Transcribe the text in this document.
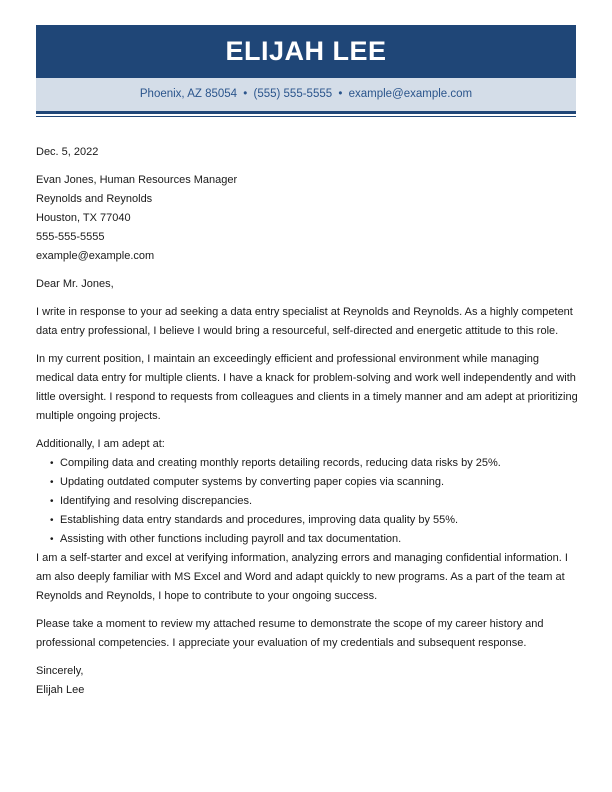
ELIJAH LEE
Phoenix, AZ 85054 • (555) 555-5555 • example@example.com

Dec. 5, 2022

Evan Jones, Human Resources Manager

Reynolds and Reynolds

Houston, TX 77040

555-555-5555

example@example.com

Dear Mr. Jones,

I write in response to your ad seeking a data entry specialist at Reynolds and Reynolds. As a highly competent data entry professional, I believe I would bring a resourceful, self-directed and energetic attitude to this role.

In my current position, I maintain an exceedingly efficient and professional environment while managing medical data entry for multiple clients. I have a knack for problem-solving and work well independently and with little oversight. I respond to requests from colleagues and clients in a timely manner and am adept at prioritizing multiple ongoing projects.

Additionally, I am adept at:

• Compiling data and creating monthly reports detailing records, reducing data risks by 25%.
• Updating outdated computer systems by converting paper copies via scanning.
• Identifying and resolving discrepancies.
• Establishing data entry standards and procedures, improving data quality by 55%.
• Assisting with other functions including payroll and tax documentation.

I am a self-starter and excel at verifying information, analyzing errors and managing confidential information. I am also deeply familiar with MS Excel and Word and adapt quickly to new programs. As a part of the team at Reynolds and Reynolds, I hope to contribute to your ongoing success.

Please take a moment to review my attached resume to demonstrate the scope of my career history and professional competencies. I appreciate your evaluation of my credentials and subsequent response.

Sincerely,

Elijah Lee
